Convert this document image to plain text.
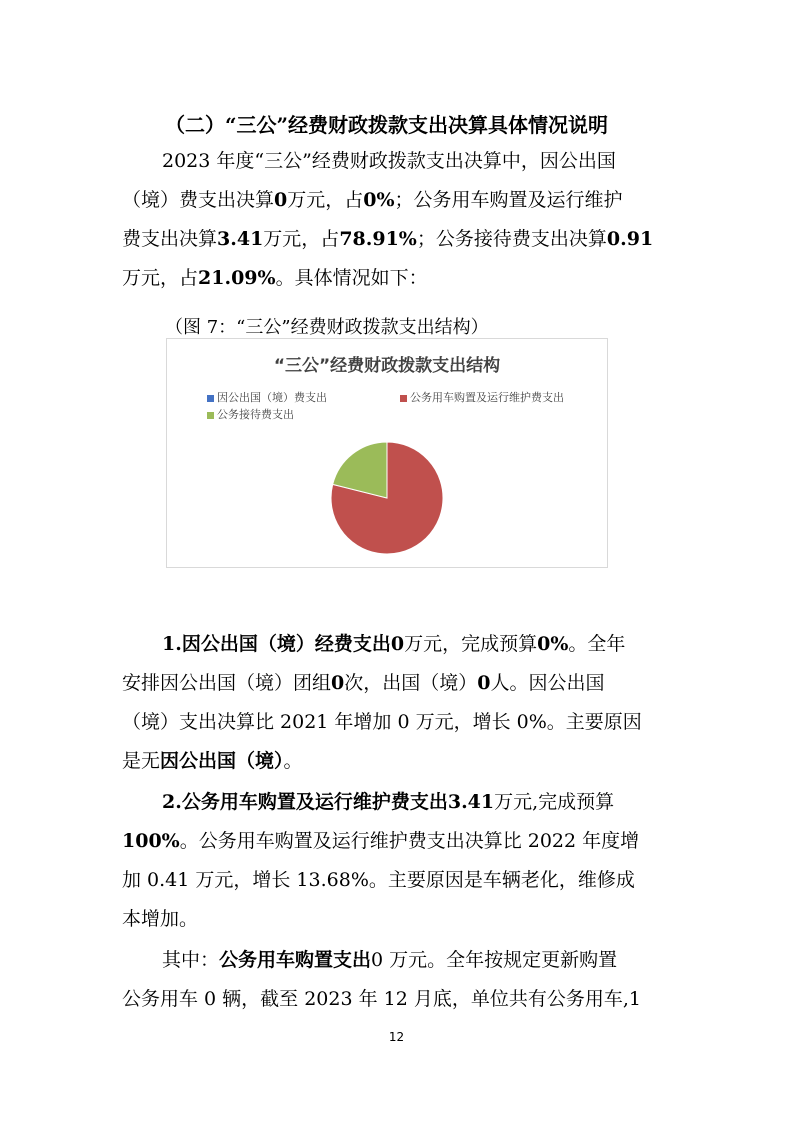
（二）“三公”经费财政拨款支出决算具体情况说明
2023 年度“三公”经费财政拨款支出决算中，因公出国
（境）费支出决算0万元，占0%；公务用车购置及运行维护
费支出决算3.41万元，占78.91%；公务接待费支出决算0.91
万元，占21.09%。具体情况如下：
（图 7：“三公”经费财政拨款支出结构）
“三公”经费财政拨款支出结构
因公出国（境）费支出	公务用车购置及运行维护费支出
公务接待费支出
1.因公出国（境）经费支出0万元，完成预算0%。全年
安排因公出国（境）团组0次，出国（境）0人。因公出国
（境）支出决算比 2021 年增加 0 万元，增长 0%。主要原因
是无因公出国（境）。
2.公务用车购置及运行维护费支出3.41万元,完成预算
100%。公务用车购置及运行维护费支出决算比 2022 年度增
加 0.41 万元，增长 13.68%。主要原因是车辆老化，维修成
本增加。
其中：公务用车购置支出0 万元。全年按规定更新购置
公务用车 0 辆，截至 2023 年 12 月底，单位共有公务用车,1
12
